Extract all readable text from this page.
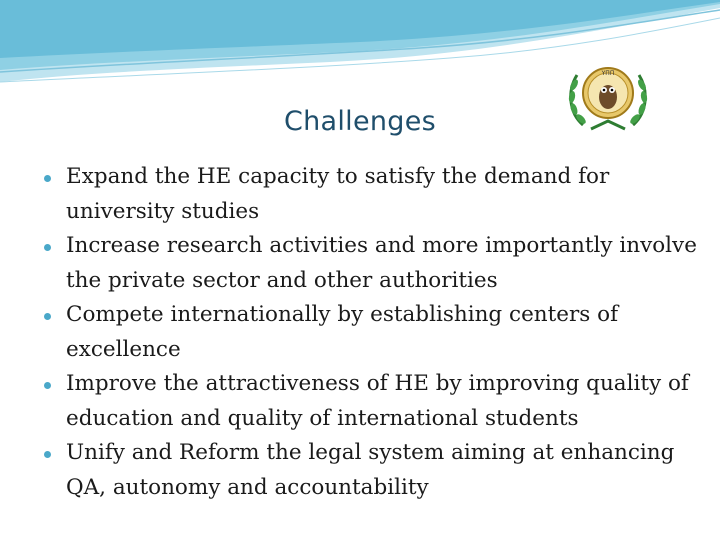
ΥΠΠ
Challenges
Expand the HE capacity to satisfy the demand for university studies
Increase research activities and more importantly involve the private sector and other authorities
Compete internationally by establishing centers of excellence
Improve the attractiveness of HE by improving quality of education and quality of international students
Unify and Reform the legal system aiming at enhancing QA, autonomy and accountability
